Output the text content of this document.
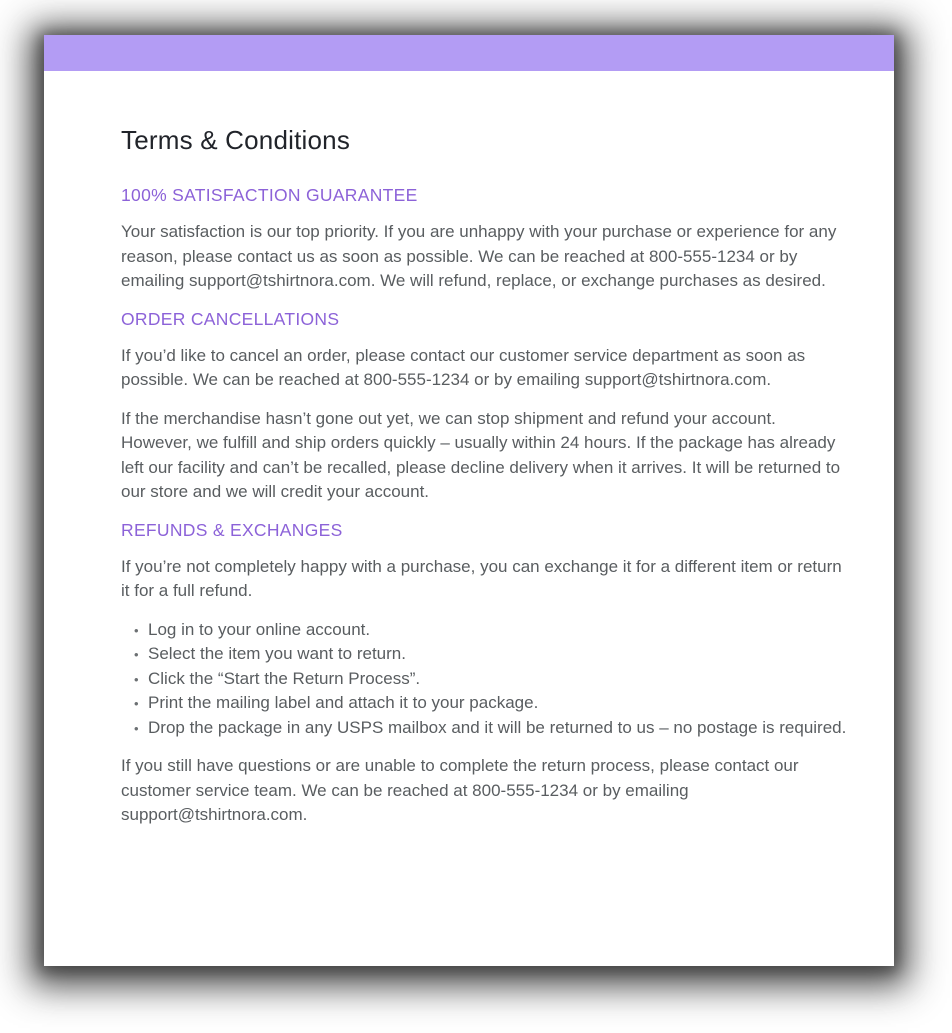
Terms & Conditions
100% SATISFACTION GUARANTEE

Your satisfaction is our top priority. If you are unhappy with your purchase or experience for any reason, please contact us as soon as possible. We can be reached at 800-555-1234 or by emailing support@tshirtnora.com. We will refund, replace, or exchange purchases as desired.

ORDER CANCELLATIONS

If you’d like to cancel an order, please contact our customer service department as soon as possible. We can be reached at 800-555-1234 or by emailing support@tshirtnora.com.

If the merchandise hasn’t gone out yet, we can stop shipment and refund your account. However, we fulfill and ship orders quickly – usually within 24 hours. If the package has already left our facility and can’t be recalled, please decline delivery when it arrives. It will be returned to our store and we will credit your account.

REFUNDS & EXCHANGES

If you’re not completely happy with a purchase, you can exchange it for a different item or return it for a full refund.

• Log in to your online account.
• Select the item you want to return.
• Click the “Start the Return Process”.
• Print the mailing label and attach it to your package.
• Drop the package in any USPS mailbox and it will be returned to us – no postage is required.

If you still have questions or are unable to complete the return process, please contact our customer service team. We can be reached at 800-555-1234 or by emailing support@tshirtnora.com.
